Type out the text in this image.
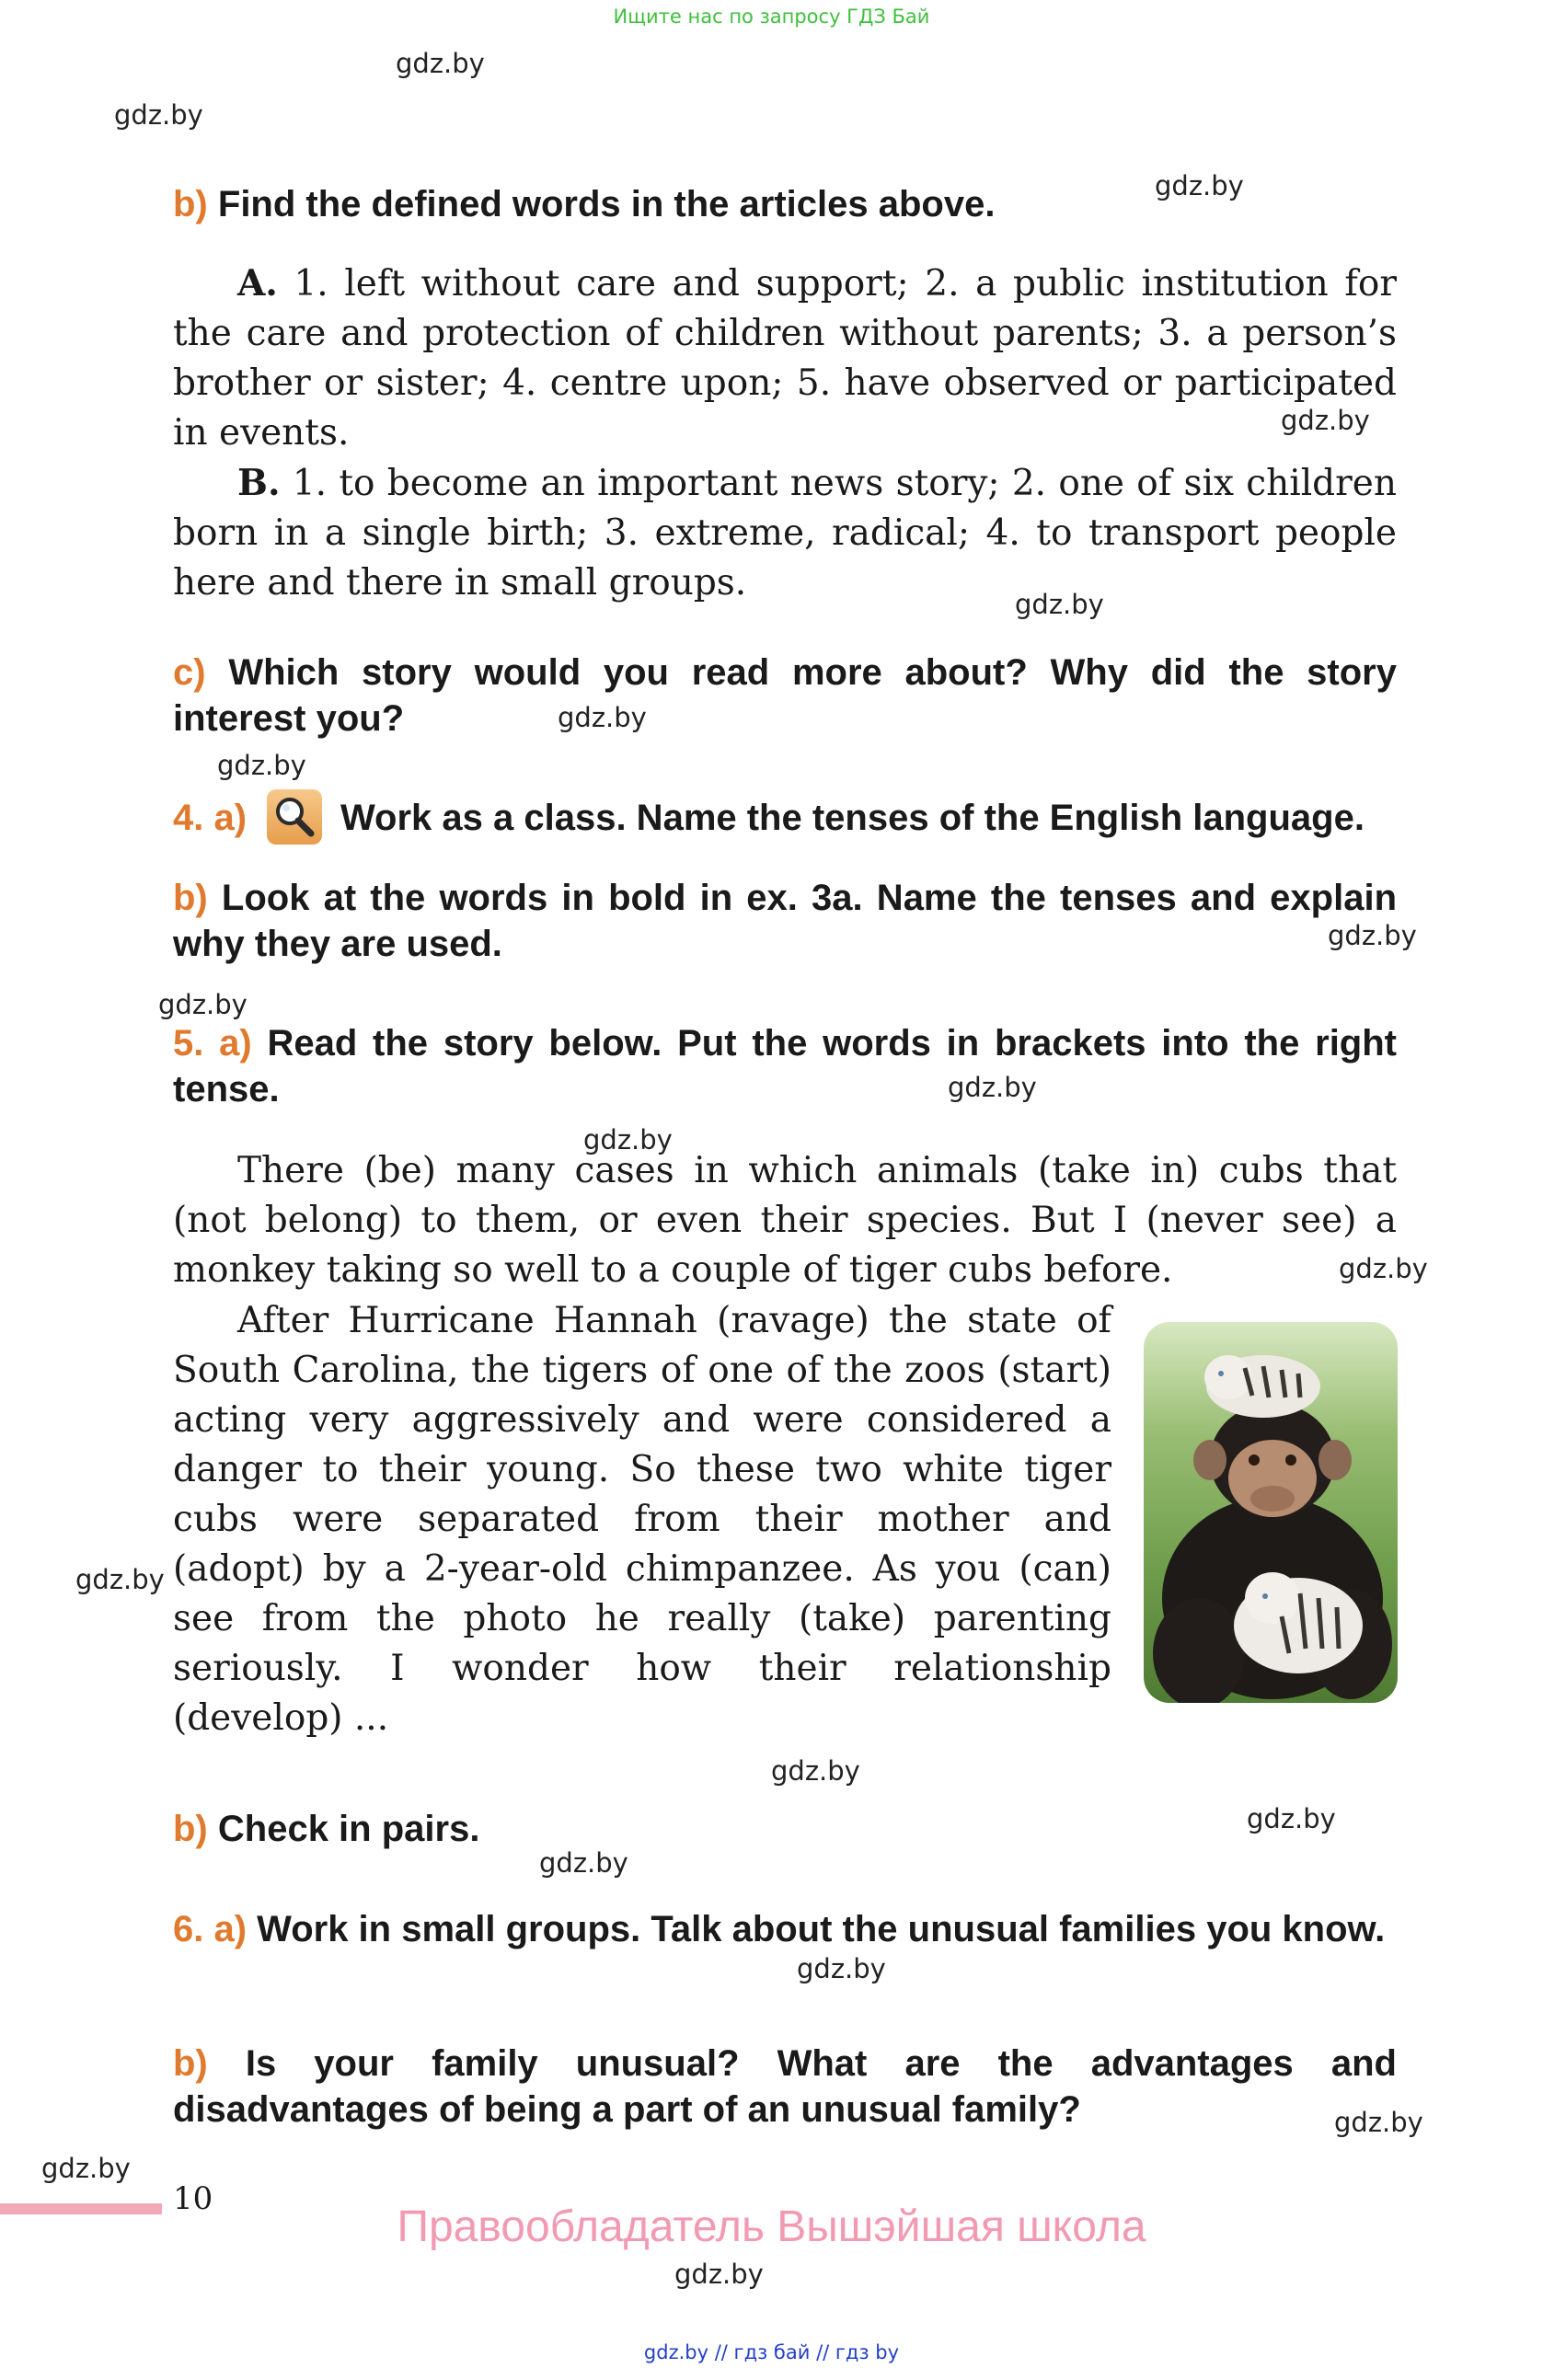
Ищите нас по запросу ГДЗ Бай
gdz.by
gdz.by
gdz.by
gdz.by
gdz.by
gdz.by
gdz.by
gdz.by
gdz.by
gdz.by
gdz.by
gdz.by
gdz.by
gdz.by
gdz.by
gdz.by
gdz.by
gdz.by
gdz.by
gdz.by
b) Find the defined words in the articles above.
A. 1. left without care and support; 2. a public institution for the care and protection of children without parents; 3. a person’s brother or sister; 4. centre upon; 5. have observed or participated in events.
B. 1. to become an important news story; 2. one of six children born in a single birth; 3. extreme, radical; 4. to transport people here and there in small groups.
c) Which story would you read more about? Why did the story interest you?
4. a)	Work as a class. Name the tenses of the English language.
b) Look at the words in bold in ex. 3a. Name the tenses and explain why they are used.
5. a) Read the story below. Put the words in brackets into the right tense.
There (be) many cases in which animals (take in) cubs that (not belong) to them, or even their species. But I (never see) a monkey taking so well to a couple of tiger cubs before.
After Hurricane Hannah (ravage) the state of South Carolina, the tigers of one of the zoos (start) acting very aggressively and were considered a danger to their young. So these two white tiger cubs were separated from their mother and (adopt) by a 2-year-old chimpanzee. As you (can) see from the photo he really (take) parenting seriously. I wonder how their relationship (develop) ...
b) Check in pairs.
6. a) Work in small groups. Talk about the unusual families you know.
b) Is your family unusual? What are the advantages and disadvantages of being a part of an unusual family?
10
Правообладатель Вышэйшая школа
gdz.by // гдз бай // гдз by
